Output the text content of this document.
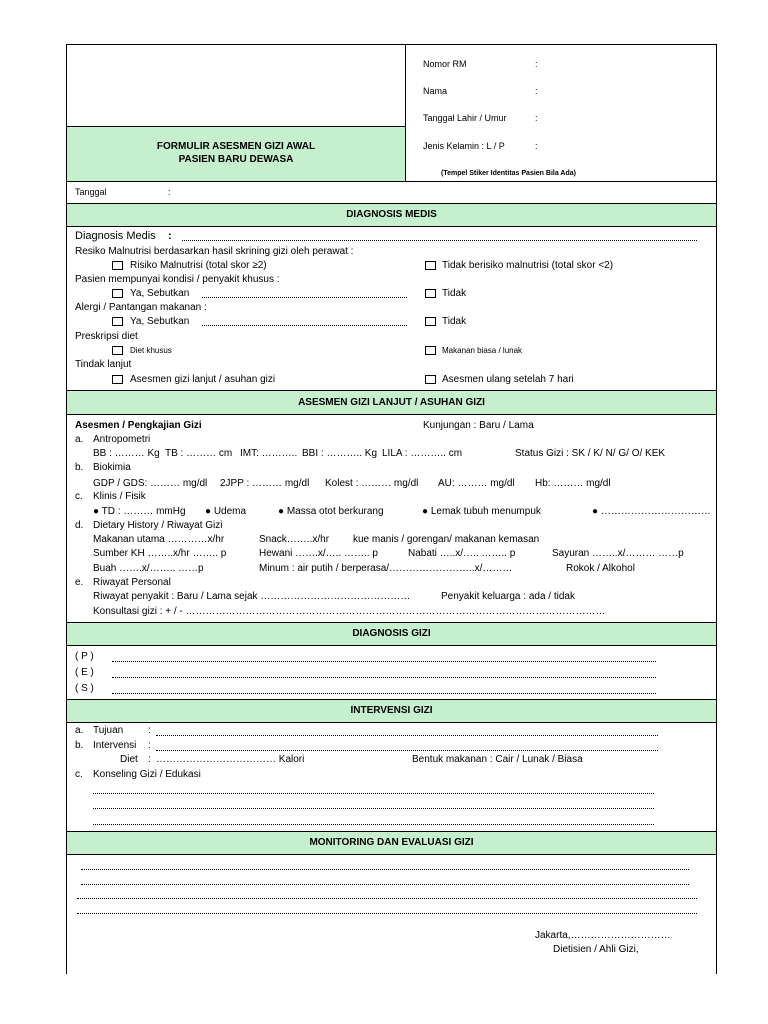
FORMULIR ASESMEN GIZI AWAL
PASIEN BARU DEWASA
Nomor RM	:
Nama	:
Tanggal Lahir / Umur	:
Jenis Kelamin : L / P	:
(Tempel Stiker Identitas Pasien Bila Ada)
Tanggal	:
DIAGNOSIS MEDIS
Diagnosis Medis :
Resiko Malnutrisi berdasarkan hasil skrining gizi oleh perawat :
Risiko Malnutrisi (total skor ≥2)	Tidak berisiko malnutrisi (total skor <2)
Pasien mempunyai kondisi / penyakit khusus :
Ya, Sebutkan	Tidak
Alergi / Pantangan makanan :
Ya, Sebutkan	Tidak
Preskripsi diet
Diet khusus	Makanan biasa / lunak
Tindak lanjut
Asesmen gizi lanjut / asuhan gizi	Asesmen ulang setelah 7 hari
ASESMEN GIZI LANJUT / ASUHAN GIZI
Asesmen / Pengkajian Gizi	Kunjungan : Baru / Lama
a. Antropometri
BB : ……… Kg TB : ……… cm IMT: ……….. BBI : ……….. Kg LILA : ……….. cm	Status Gizi : SK / K/ N/ G/ O/ KEK
b. Biokimia
GDP / GDS: ……… mg/dl 2JPP : ……… mg/dl Kolest : ……… mg/dl AU: ……… mg/dl Hb: ……… mg/dl
c. Klinis / Fisik
● TD : ……… mmHg ● Udema	● Massa otot berkurang	● Lemak tubuh menumpuk	● ……………………………
d. Dietary History / Riwayat Gizi
Makanan utama …………x/hr	Snack……..x/hr kue manis / gorengan/ makanan kemasan
Sumber KH ……..x/hr …….. p	Hewani …….x/….. …….. p	Nabati …..x/….. …….. p	Sayuran ……..x/……… ……p
Buah …….x/…….. ……p	Minum : air putih / berperasa/……………………..x/………	Rokok / Alkohol
e. Riwayat Personal
Riwayat penyakit : Baru / Lama sejak ………………………………………	Penyakit keluarga : ada / tidak
Konsultasi gizi : + / - ………………………………………………………………………………………………………………
DIAGNOSIS GIZI
( P )
( E )
( S )
INTERVENSI GIZI
a. Tujuan :
b. Intervensi :
Diet : ……………………………… Kalori	Bentuk makanan : Cair / Lunak / Biasa
c. Konseling Gizi / Edukasi
MONITORING DAN EVALUASI GIZI
Jakarta,…………………………
Dietisien / Ahli Gizi,
